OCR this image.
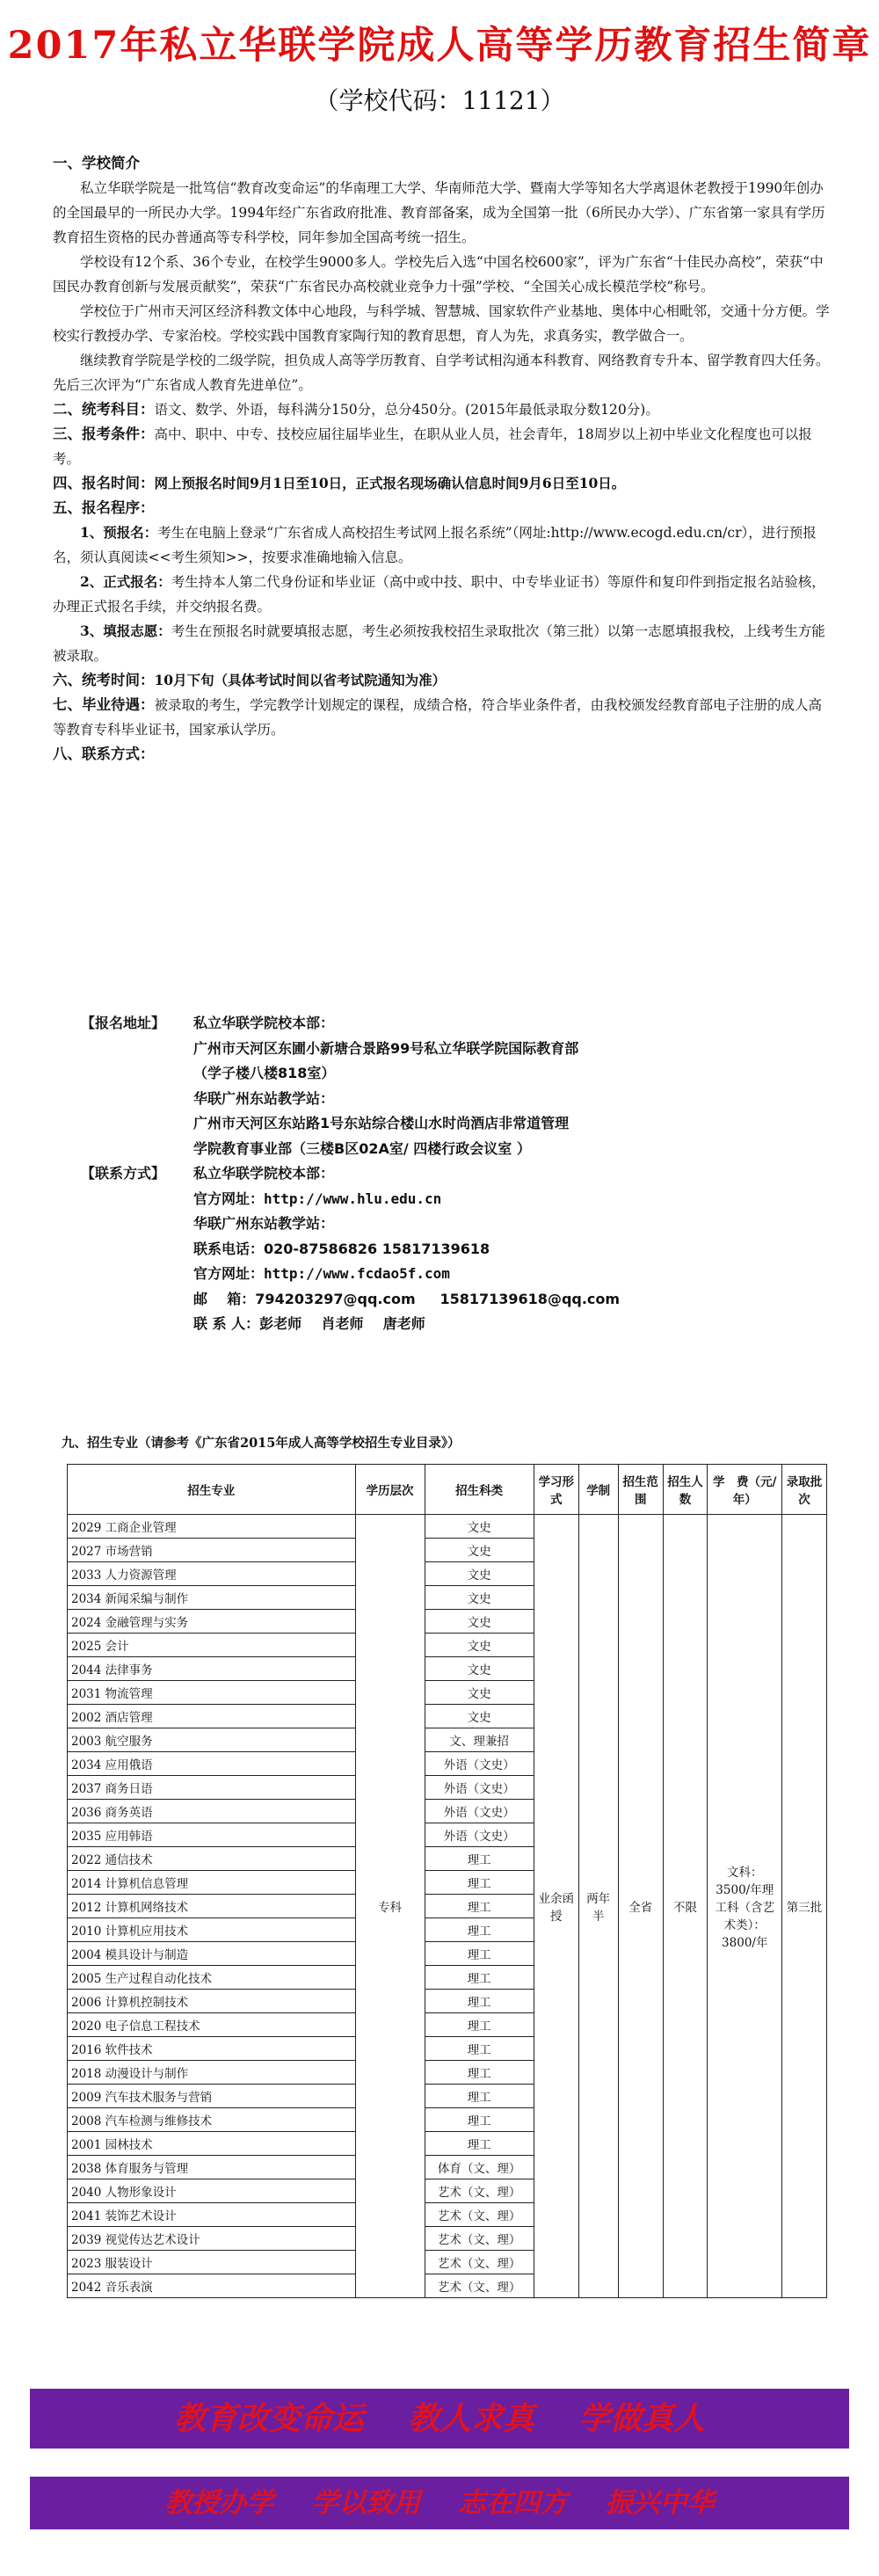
2017年私立华联学院成人高等学历教育招生简章
（学校代码：11121）
一、学校简介
私立华联学院是一批笃信“教育改变命运”的华南理工大学、华南师范大学、暨南大学等知名大学离退休老教授于1990年创办的全国最早的一所民办大学。1994年经广东省政府批准、教育部备案，成为全国第一批（6所民办大学）、广东省第一家具有学历教育招生资格的民办普通高等专科学校，同年参加全国高考统一招生。
学校设有12个系、36个专业，在校学生9000多人。学校先后入选“中国名校600家”，评为广东省“十佳民办高校”，荣获“中国民办教育创新与发展贡献奖”，荣获“广东省民办高校就业竞争力十强”学校、“全国关心成长模范学校”称号。
学校位于广州市天河区经济科教文体中心地段，与科学城、智慧城、国家软件产业基地、奥体中心相毗邻，交通十分方便。学校实行教授办学、专家治校。学校实践中国教育家陶行知的教育思想，育人为先，求真务实，教学做合一。
继续教育学院是学校的二级学院，担负成人高等学历教育、自学考试相沟通本科教育、网络教育专升本、留学教育四大任务。先后三次评为“广东省成人教育先进单位”。
二、统考科目：语文、数学、外语，每科满分150分，总分450分。(2015年最低录取分数120分)。
三、报考条件：高中、职中、中专、技校应届往届毕业生，在职从业人员，社会青年，18周岁以上初中毕业文化程度也可以报考。
四、报名时间：网上预报名时间9月1日至10日，正式报名现场确认信息时间9月6日至10日。
五、报名程序：
1、预报名：考生在电脑上登录“广东省成人高校招生考试网上报名系统”（网址:http://www.ecogd.edu.cn/cr），进行预报名，须认真阅读<<考生须知>>，按要求准确地输入信息。
2、正式报名：考生持本人第二代身份证和毕业证（高中或中技、职中、中专毕业证书）等原件和复印件到指定报名站验核，办理正式报名手续，并交纳报名费。
3、填报志愿：考生在预报名时就要填报志愿，考生必须按我校招生录取批次（第三批）以第一志愿填报我校，上线考生方能被录取。
六、统考时间：10月下旬（具体考试时间以省考试院通知为准）
七、毕业待遇：被录取的考生，学完教学计划规定的课程，成绩合格，符合毕业条件者，由我校颁发经教育部电子注册的成人高等教育专科毕业证书，国家承认学历。
八、联系方式：
【报名地址】 私立华联学院校本部：
广州市天河区东圃小新塘合景路99号私立华联学院国际教育部
（学子楼八楼818室）
华联广州东站教学站：
广州市天河区东站路1号东站综合楼山水时尚酒店非常道管理
学院教育事业部（三楼B区02A室/ 四楼行政会议室 ）
【联系方式】 私立华联学院校本部：
官方网址：http://www.hlu.edu.cn
华联广州东站教学站：
联系电话：020-87586826 15817139618
官方网址：http://www.fcdao5f.com
邮    箱：794203297@qq.com     15817139618@qq.com
联 系 人：彭老师    肖老师    唐老师
九、招生专业（请参考《广东省2015年成人高等学校招生专业目录》）
招生专业	学历层次	招生科类	学习形式	学制	招生范围	招生人数	学　费（元/年）	录取批次
2029 工商企业管理	专科	文史	业余函授	两年半	全省	不限	文科：3500/年理工科（含艺术类）：3800/年	第三批
2027 市场营销		文史						
2033 人力资源管理		文史						
2034 新闻采编与制作		文史						
2024 金融管理与实务		文史						
2025 会计		文史						
2044 法律事务		文史						
2031 物流管理		文史						
2002 酒店管理		文史						
2003 航空服务		文、理兼招						
2034 应用俄语		外语（文史）						
2037 商务日语		外语（文史）						
2036 商务英语		外语（文史）						
2035 应用韩语		外语（文史）						
2022 通信技术		理工						
2014 计算机信息管理		理工						
2012 计算机网络技术		理工						
2010 计算机应用技术		理工						
2004 模具设计与制造		理工						
2005 生产过程自动化技术		理工						
2006 计算机控制技术		理工						
2020 电子信息工程技术		理工						
2016 软件技术		理工						
2018 动漫设计与制作		理工						
2009 汽车技术服务与营销		理工						
2008 汽车检测与维修技术		理工						
2001 园林技术		理工						
2038 体育服务与管理		体育（文、理）						
2040 人物形象设计		艺术（文、理）						
2041 装饰艺术设计		艺术（文、理）						
2039 视觉传达艺术设计		艺术（文、理）						
2023 服装设计		艺术（文、理）						
2042 音乐表演		艺术（文、理）						
教育改变命运    教人求真    学做真人
教授办学    学以致用    志在四方    振兴中华
